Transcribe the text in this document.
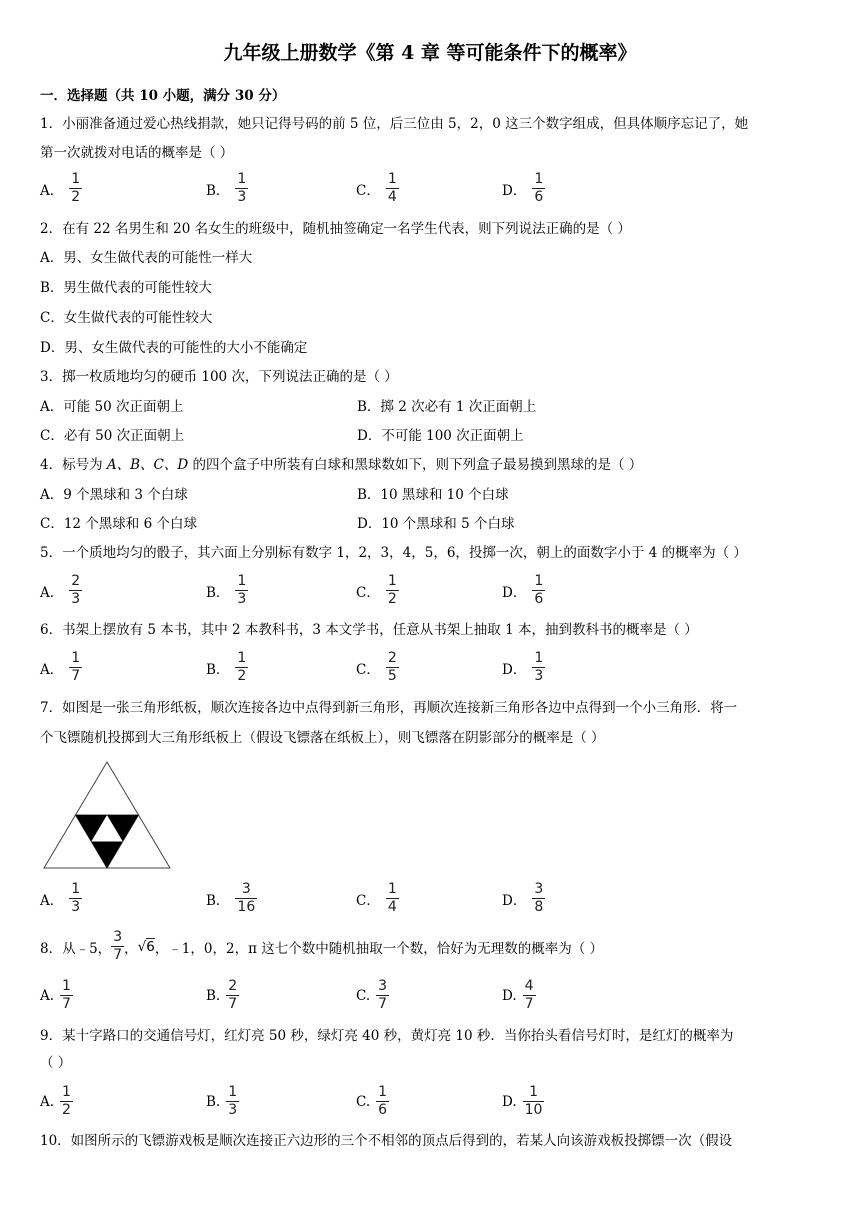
九年级上册数学《第 4 章 等可能条件下的概率》
一．选择题（共 10 小题，满分 30 分）
1．小丽准备通过爱心热线捐款，她只记得号码的前 5 位，后三位由 5，2，0 这三个数字组成，但具体顺序忘记了，她
第一次就拨对电话的概率是（ ）
A． $\frac{1}{2}$	B． $\frac{1}{3}$	C． $\frac{1}{4}$	D． $\frac{1}{6}$
2．在有 22 名男生和 20 名女生的班级中，随机抽签确定一名学生代表，则下列说法正确的是（ ）
A．男、女生做代表的可能性一样大
B．男生做代表的可能性较大
C．女生做代表的可能性较大
D．男、女生做代表的可能性的大小不能确定
3．掷一枚质地均匀的硬币 100 次，下列说法正确的是（ ）
A．可能 50 次正面朝上	B．掷 2 次必有 1 次正面朝上
C．必有 50 次正面朝上	D．不可能 100 次正面朝上
4．标号为 A、B、C、D 的四个盒子中所装有白球和黑球数如下，则下列盒子最易摸到黑球的是（ ）
A．9 个黑球和 3 个白球	B．10 黑球和 10 个白球
C．12 个黑球和 6 个白球	D．10 个黑球和 5 个白球
5．一个质地均匀的骰子，其六面上分别标有数字 1，2，3，4，5，6，投掷一次，朝上的面数字小于 4 的概率为（ ）
A． $\frac{2}{3}$	B． $\frac{1}{3}$	C． $\frac{1}{2}$	D． $\frac{1}{6}$
6．书架上摆放有 5 本书，其中 2 本教科书，3 本文学书，任意从书架上抽取 1 本，抽到教科书的概率是（ ）
A． $\frac{1}{7}$	B． $\frac{1}{2}$	C． $\frac{2}{5}$	D． $\frac{1}{3}$
7．如图是一张三角形纸板，顺次连接各边中点得到新三角形，再顺次连接新三角形各边中点得到一个小三角形．将一
个飞镖随机投掷到大三角形纸板上（假设飞镖落在纸板上），则飞镖落在阴影部分的概率是（ ）
A． $\frac{1}{3}$	B． $\frac{3}{16}$	C． $\frac{1}{4}$	D． $\frac{3}{8}$
8．从﹣5， $\frac{3}{7}$ ， √6 ，﹣1，0，2，π 这七个数中随机抽取一个数，恰好为无理数的概率为（ ）
A. $\frac{1}{7}$	B. $\frac{2}{7}$	C. $\frac{3}{7}$	D. $\frac{4}{7}$
9．某十字路口的交通信号灯，红灯亮 50 秒，绿灯亮 40 秒，黄灯亮 10 秒．当你抬头看信号灯时，是红灯的概率为
（ ）
A. $\frac{1}{2}$	B. $\frac{1}{3}$	C. $\frac{1}{6}$	D. $\frac{1}{10}$
10．如图所示的飞镖游戏板是顺次连接正六边形的三个不相邻的顶点后得到的，若某人向该游戏板投掷镖一次（假设
